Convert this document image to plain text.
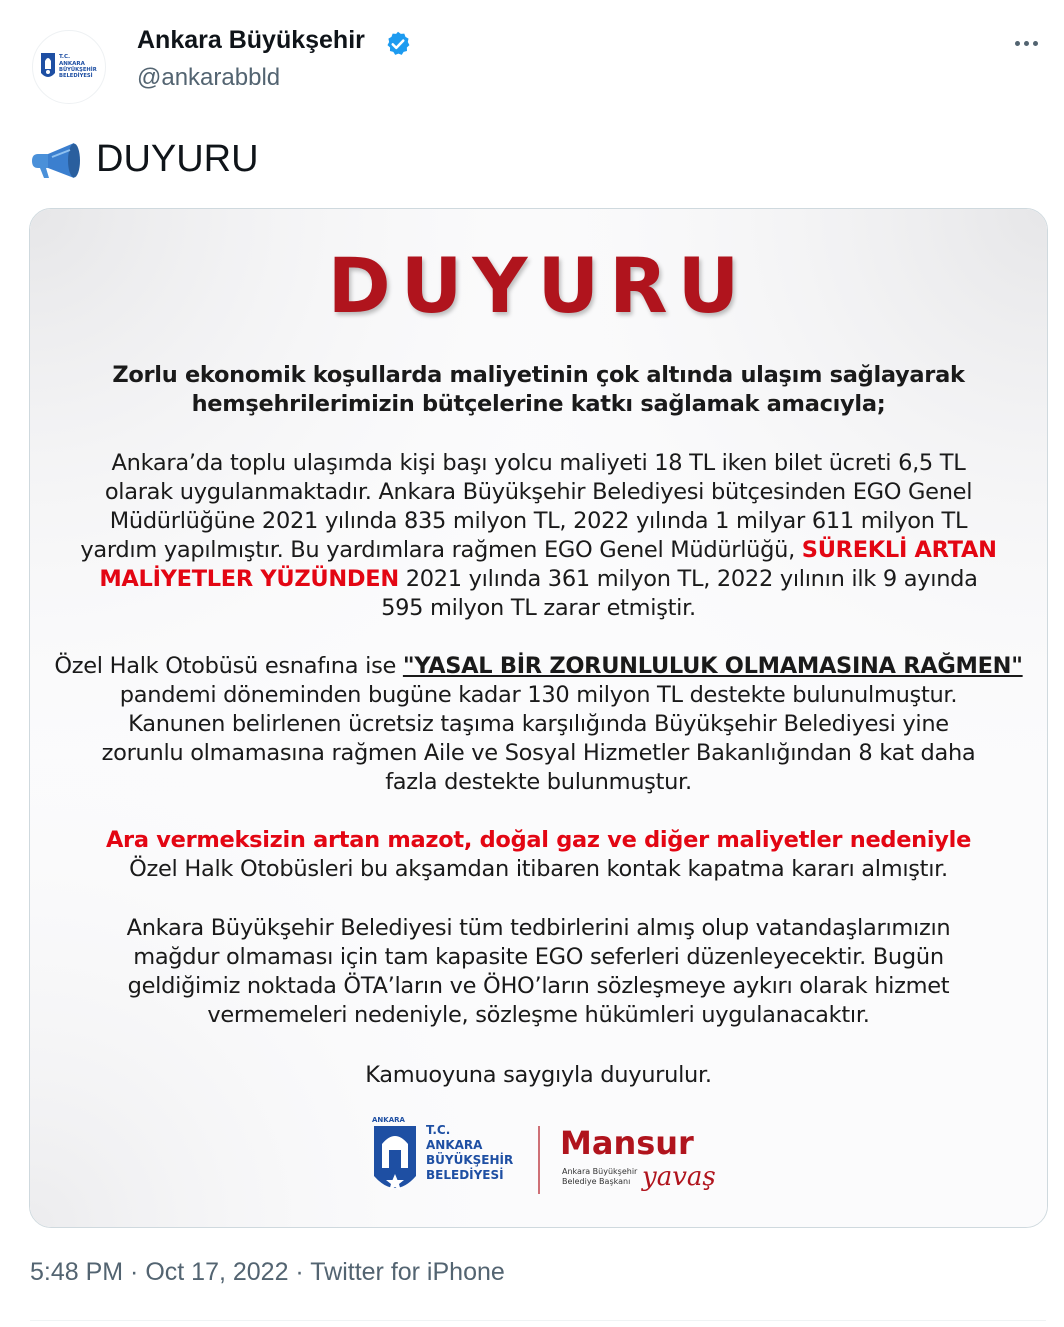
T.C.
ANKARA
BÜYÜKŞEHİR
BELEDİYESİ
Ankara Büyükşehir
@ankarabbld
DUYURU
DUYURU
Zorlu ekonomik koşullarda maliyetinin çok altında ulaşım sağlayarak
hemşehrilerimizin bütçelerine katkı sağlamak amacıyla;
Ankara’da toplu ulaşımda kişi başı yolcu maliyeti 18 TL iken bilet ücreti 6,5 TL
olarak uygulanmaktadır. Ankara Büyükşehir Belediyesi bütçesinden EGO Genel
Müdürlüğüne 2021 yılında 835 milyon TL, 2022 yılında 1 milyar 611 milyon TL
yardım yapılmıştır. Bu yardımlara rağmen EGO Genel Müdürlüğü, SÜREKLİ ARTAN
MALİYETLER YÜZÜNDEN 2021 yılında 361 milyon TL, 2022 yılının ilk 9 ayında
595 milyon TL zarar etmiştir.
Özel Halk Otobüsü esnafına ise "YASAL BİR ZORUNLULUK OLMAMASINA RAĞMEN"
pandemi döneminden bugüne kadar 130 milyon TL destekte bulunulmuştur.
Kanunen belirlenen ücretsiz taşıma karşılığında Büyükşehir Belediyesi yine
zorunlu olmamasına rağmen Aile ve Sosyal Hizmetler Bakanlığından 8 kat daha
fazla destekte bulunmuştur.
Ara vermeksizin artan mazot, doğal gaz ve diğer maliyetler nedeniyle
Özel Halk Otobüsleri bu akşamdan itibaren kontak kapatma kararı almıştır.
Ankara Büyükşehir Belediyesi tüm tedbirlerini almış olup vatandaşlarımızın
mağdur olmaması için tam kapasite EGO seferleri düzenleyecektir. Bugün
geldiğimiz noktada ÖTA’ların ve ÖHO’ların sözleşmeye aykırı olarak hizmet
vermemeleri nedeniyle, sözleşme hükümleri uygulanacaktır.
Kamuoyuna saygıyla duyurulur.
ANKARA
T.C.
ANKARA
BÜYÜKŞEHİR
BELEDİYESİ
Mansur
Ankara Büyükşehir
Belediye Başkanı yavaş
5:48 PM · Oct 17, 2022 · Twitter for iPhone
